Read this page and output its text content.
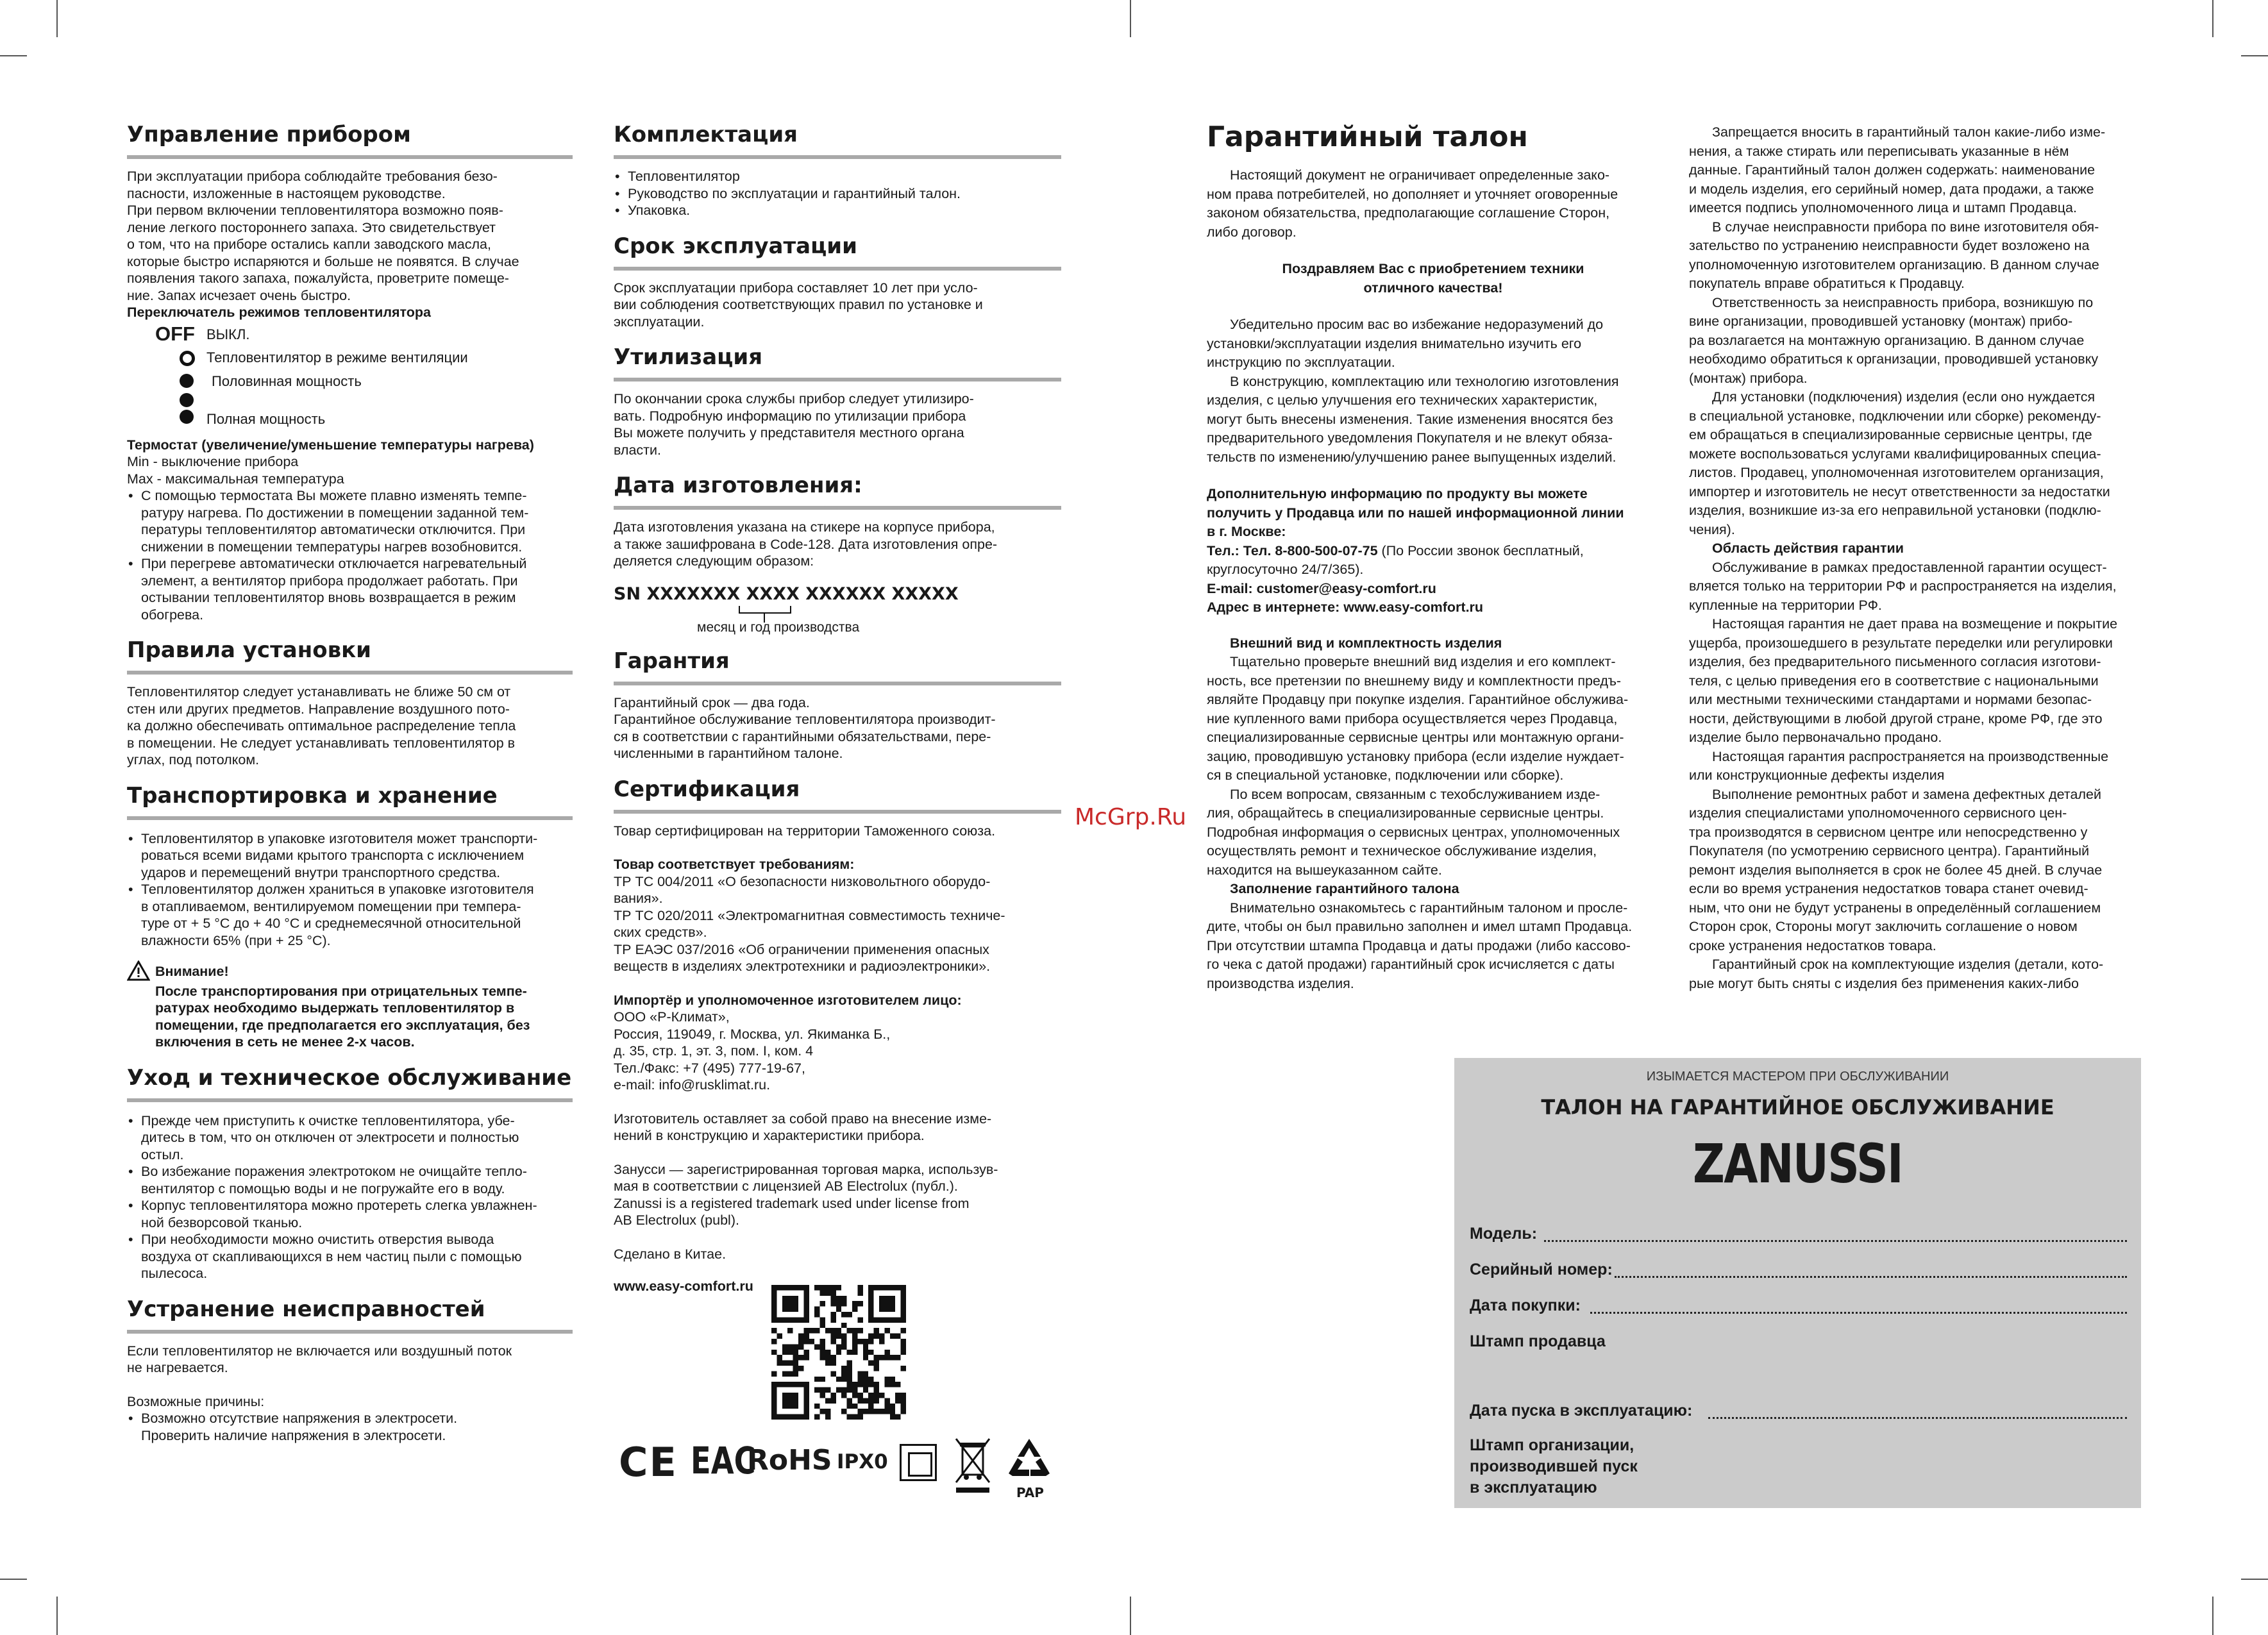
Управление прибором

При эксплуатации прибора соблюдайте требования безо-
пасности, изложенные в настоящем руководстве.
При первом включении тепловентилятора возможно появ-
ление легкого постороннего запаха. Это свидетельствует
о том, что на приборе остались капли заводского масла,
которые быстро испаряются и больше не появятся. В случае
появления такого запаха, пожалуйста, проветрите помеще-
ние. Запах исчезает очень быстро.

Переключатель режимов тепловентилятора

OFF ВЫКЛ.
Тепловентилятор в режиме вентиляции
Половинная мощность
Полная мощность

Термостат (увеличение/уменьшение температуры нагрева)

Min - выключение прибора

Max - максимальная температура

• С помощью термостата Вы можете плавно изменять темпе-
ратуру нагрева. По достижении в помещении заданной тем-
пературы тепловентилятор автоматически отключится. При
снижении в помещении температуры нагрев возобновится.
• При перегреве автоматически отключается нагревательный
элемент, а вентилятор прибора продолжает работать. При
остывании тепловентилятор вновь возвращается в режим
обогрева.
Правила установки

Тепловентилятор следует устанавливать не ближе 50 см от
стен или других предметов. Направление воздушного пото-
ка должно обеспечивать оптимальное распределение тепла
в помещении. Не следует устанавливать тепловентилятор в
углах, под потолком.

Транспортировка и хранение
• Тепловентилятор в упаковке изготовителя может транспорти-
роваться всеми видами крытого транспорта с исключением
ударов и перемещений внутри транспортного средства.
• Тепловентилятор должен храниться в упаковке изготовителя
в отапливаемом, вентилируемом помещении при темпера-
туре от + 5 °C до + 40 °C и среднемесячной относительной
влажности 65% (при + 25 °C).

Внимание!

После транспортирования при отрицательных темпе-
ратурах необходимо выдержать тепловентилятор в
помещении, где предполагается его эксплуатация, без
включения в сеть не менее 2-х часов.

Уход и техническое обслуживание
• Прежде чем приступить к очистке тепловентилятора, убе-
дитесь в том, что он отключен от электросети и полностью
остыл.
• Во избежание поражения электротоком не очищайте тепло-
вентилятор с помощью воды и не погружайте его в воду.
• Корпус тепловентилятора можно протереть слегка увлажнен-
ной безворсовой тканью.
• При необходимости можно очистить отверстия вывода
воздуха от скапливающихся в нем частиц пыли с помощью
пылесоса.
Устранение неисправностей

Если тепловентилятор не включается или воздушный поток
не нагревается.

Возможные причины:

• Возможно отсутствие напряжения в электросети.
Проверить наличие напряжения в электросети.
Комплектация
• Тепловентилятор
• Руководство по эксплуатации и гарантийный талон.
• Упаковка.
Срок эксплуатации

Срок эксплуатации прибора составляет 10 лет при усло-
вии соблюдения соответствующих правил по установке и
эксплуатации.

Утилизация

По окончании срока службы прибор следует утилизиро-
вать. Подробную информацию по утилизации прибора
Вы можете получить у представителя местного органа
власти.

Дата изготовления:

Дата изготовления указана на стикере на корпусе прибора,
а также зашифрована в Code-128. Дата изготовления опре-
деляется следующим образом:

SN XXXXXXX XXXX XXXXXX XXXXX
месяц и год производства
Гарантия

Гарантийный срок — два года.
Гарантийное обслуживание тепловентилятора производит-
ся в соответствии с гарантийными обязательствами, пере-
численными в гарантийном талоне.

Сертификация

Товар сертифицирован на территории Таможенного союза.

Товар соответствует требованиям:

ТР ТС 004/2011 «О безопасности низковольтного оборудо-
вания».
ТР ТС 020/2011 «Электромагнитная совместимость техниче-
ских средств».
ТР ЕАЭС 037/2016 «Об ограничении применения опасных
веществ в изделиях электротехники и радиоэлектроники».

Импортёр и уполномоченное изготовителем лицо:

ООО «Р-Климат»,
Россия, 119049, г. Москва, ул. Якиманка Б.,
д. 35, стр. 1, эт. 3, пом. I, ком. 4
Тел./Факс: +7 (495) 777-19-67,
e-mail: info@rusklimat.ru.

Изготовитель оставляет за собой право на внесение изме-
нений в конструкцию и характеристики прибора.

Занусси — зарегистрированная торговая марка, использув-
мая в соответствии с лицензией AB Electrolux (публ.).
Zanussi is a registered trademark used under license from
AB Electrolux (publ).

Сделано в Китае.

www.easy-comfort.ru

CE EAC
RoHS IPX0	20
PAP
McGrp.Ru
Гарантийный талон

Настоящий документ не ограничивает определенные зако-
ном права потребителей, но дополняет и уточняет оговоренные
законом обязательства, предполагающие соглашение Сторон,
либо договор.

Поздравляем Вас с приобретением техники
отличного качества!

Убедительно просим вас во избежание недоразумений до
установки/эксплуатации изделия внимательно изучить его
инструкцию по эксплуатации.

В конструкцию, комплектацию или технологию изготовления
изделия, с целью улучшения его технических характеристик,
могут быть внесены изменения. Такие изменения вносятся без
предварительного уведомления Покупателя и не влекут обяза-
тельств по изменению/улучшению ранее выпущенных изделий.

Дополнительную информацию по продукту вы можете
получить у Продавца или по нашей информационной линии
в г. Москве:

Тел.: Тел. 8-800-500-07-75 (По России звонок бесплатный,
круглосуточно 24/7/365).

E-mail: customer@easy-comfort.ru

Адрес в интернете: www.easy-comfort.ru

Внешний вид и комплектность изделия

Тщательно проверьте внешний вид изделия и его комплект-
ность, все претензии по внешнему виду и комплектности предъ-
являйте Продавцу при покупке изделия. Гарантийное обслужива-
ние купленного вами прибора осуществляется через Продавца,
специализированные сервисные центры или монтажную органи-
зацию, проводившую установку прибора (если изделие нуждает-
ся в специальной установке, подключении или сборке).

По всем вопросам, связанным с техобслуживанием изде-
лия, обращайтесь в специализированные сервисные центры.
Подробная информация о сервисных центрах, уполномоченных
осуществлять ремонт и техническое обслуживание изделия,
находится на вышеуказанном сайте.

Заполнение гарантийного талона

Внимательно ознакомьтесь с гарантийным талоном и просле-
дите, чтобы он был правильно заполнен и имел штамп Продавца.
При отсутствии штампа Продавца и даты продажи (либо кассово-
го чека с датой продажи) гарантийный срок исчисляется с даты
производства изделия.

Запрещается вносить в гарантийный талон какие-либо изме-
нения, а также стирать или переписывать указанные в нём
данные. Гарантийный талон должен содержать: наименование
и модель изделия, его серийный номер, дата продажи, а также
имеется подпись уполномоченного лица и штамп Продавца.

В случае неисправности прибора по вине изготовителя обя-
зательство по устранению неисправности будет возложено на
уполномоченную изготовителем организацию. В данном случае
покупатель вправе обратиться к Продавцу.

Ответственность за неисправность прибора, возникшую по
вине организации, проводившей установку (монтаж) прибо-
ра возлагается на монтажную организацию. В данном случае
необходимо обратиться к организации, проводившей установку
(монтаж) прибора.

Для установки (подключения) изделия (если оно нуждается
в специальной установке, подключении или сборке) рекоменду-
ем обращаться в специализированные сервисные центры, где
можете воспользоваться услугами квалифицированных специа-
листов. Продавец, уполномоченная изготовителем организация,
импортер и изготовитель не несут ответственности за недостатки
изделия, возникшие из-за его неправильной установки (подклю-
чения).

Область действия гарантии

Обслуживание в рамках предоставленной гарантии осущест-
вляется только на территории РФ и распространяется на изделия,
купленные на территории РФ.

Настоящая гарантия не дает права на возмещение и покрытие
ущерба, произошедшего в результате переделки или регулировки
изделия, без предварительного письменного согласия изготови-
теля, с целью приведения его в соответствие с национальными
или местными техническими стандартами и нормами безопас-
ности, действующими в любой другой стране, кроме РФ, где это
изделие было первоначально продано.

Настоящая гарантия распространяется на производственные
или конструкционные дефекты изделия

Выполнение ремонтных работ и замена дефектных деталей
изделия специалистами уполномоченного сервисного цен-
тра производятся в сервисном центре или непосредственно у
Покупателя (по усмотрению сервисного центра). Гарантийный
ремонт изделия выполняется в срок не более 45 дней. В случае
если во время устранения недостатков товара станет очевид-
ным, что они не будут устранены в определённый соглашением
Сторон срок, Стороны могут заключить соглашение о новом
сроке устранения недостатков товара.

Гарантийный срок на комплектующие изделия (детали, кото-
рые могут быть сняты с изделия без применения каких-либо

ИЗЫМАЕТСЯ МАСТЕРОМ ПРИ ОБСЛУЖИВАНИИ
ТАЛОН НА ГАРАНТИЙНОЕ ОБСЛУЖИВАНИЕ
ZANUSSI
Модель:
Серийный номер:
Дата покупки:
Штамп продавца
Дата пуска в эксплуатацию:
Штамп организации,
производившей пуск
в эксплуатацию
